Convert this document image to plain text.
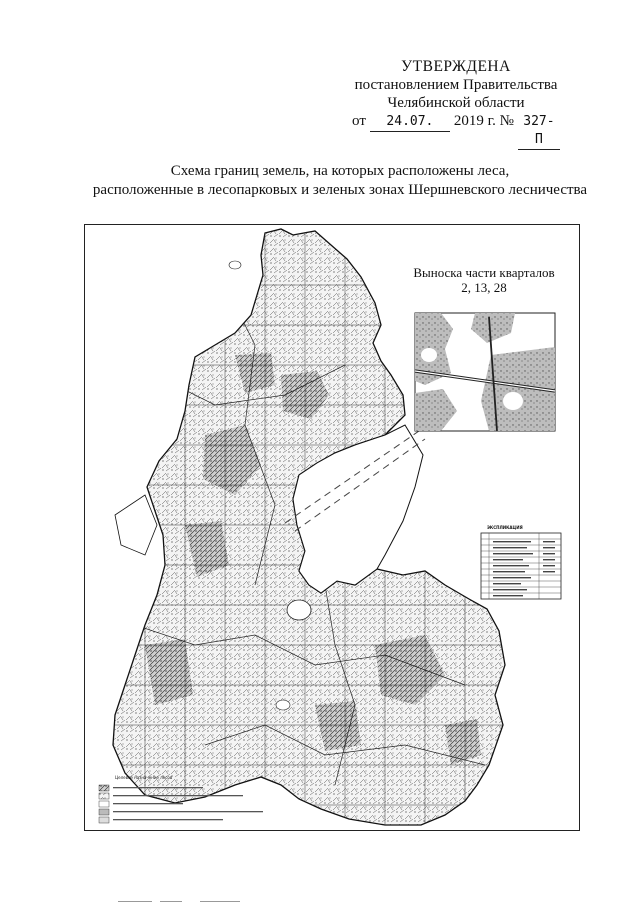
УТВЕРЖДЕНА
постановлением Правительства
Челябинской области
от	24.07.	2019 г. № 327-П
Схема границ земель, на которых расположены леса,
расположенные в лесопарковых и зеленых зонах Шершневского лесничества
Выноска части кварталов
2, 13, 28
ЭКСПЛИКАЦИЯ
Целевое назначение лесов
